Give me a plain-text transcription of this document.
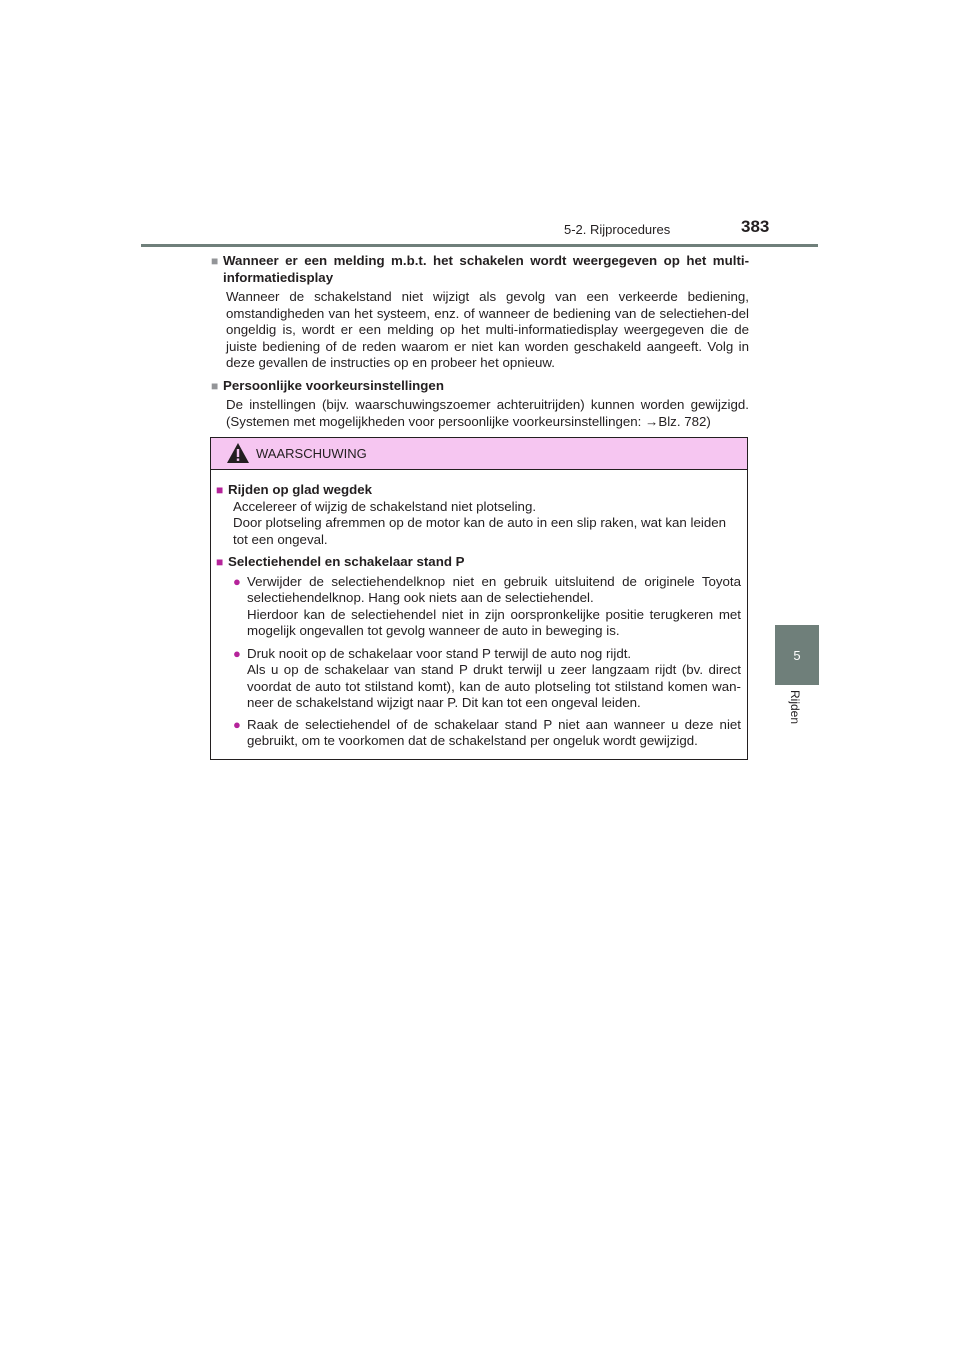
5-2. Rijprocedures	383
5
Rijden
■ Wanneer er een melding m.b.t. het schakelen wordt weergegeven op het multi-informatiedisplay
Wanneer de schakelstand niet wijzigt als gevolg van een verkeerde bediening, omstandigheden van het systeem, enz. of wanneer de bediening van de selectiehen-del ongeldig is, wordt er een melding op het multi-informatiedisplay weergegeven die de juiste bediening of de reden waarom er niet kan worden geschakeld aangeeft. Volg in deze gevallen de instructies op en probeer het opnieuw.
■ Persoonlijke voorkeursinstellingen
De instellingen (bijv. waarschuwingszoemer achteruitrijden) kunnen worden gewijzigd. (Systemen met mogelijkheden voor persoonlijke voorkeursinstellingen: →Blz. 782)
WAARSCHUWING
■ Rijden op glad wegdek
Accelereer of wijzig de schakelstand niet plotseling.
Door plotseling afremmen op de motor kan de auto in een slip raken, wat kan leiden tot een ongeval.
■ Selectiehendel en schakelaar stand P
● Verwijder de selectiehendelknop niet en gebruik uitsluitend de originele Toyota selectiehendelknop. Hang ook niets aan de selectiehendel.
Hierdoor kan de selectiehendel niet in zijn oorspronkelijke positie terugkeren met mogelijk ongevallen tot gevolg wanneer de auto in beweging is.
● Druk nooit op de schakelaar voor stand P terwijl de auto nog rijdt.
Als u op de schakelaar van stand P drukt terwijl u zeer langzaam rijdt (bv. direct voordat de auto tot stilstand komt), kan de auto plotseling tot stilstand komen wan-neer de schakelstand wijzigt naar P. Dit kan tot een ongeval leiden.
● Raak de selectiehendel of de schakelaar stand P niet aan wanneer u deze niet gebruikt, om te voorkomen dat de schakelstand per ongeluk wordt gewijzigd.
